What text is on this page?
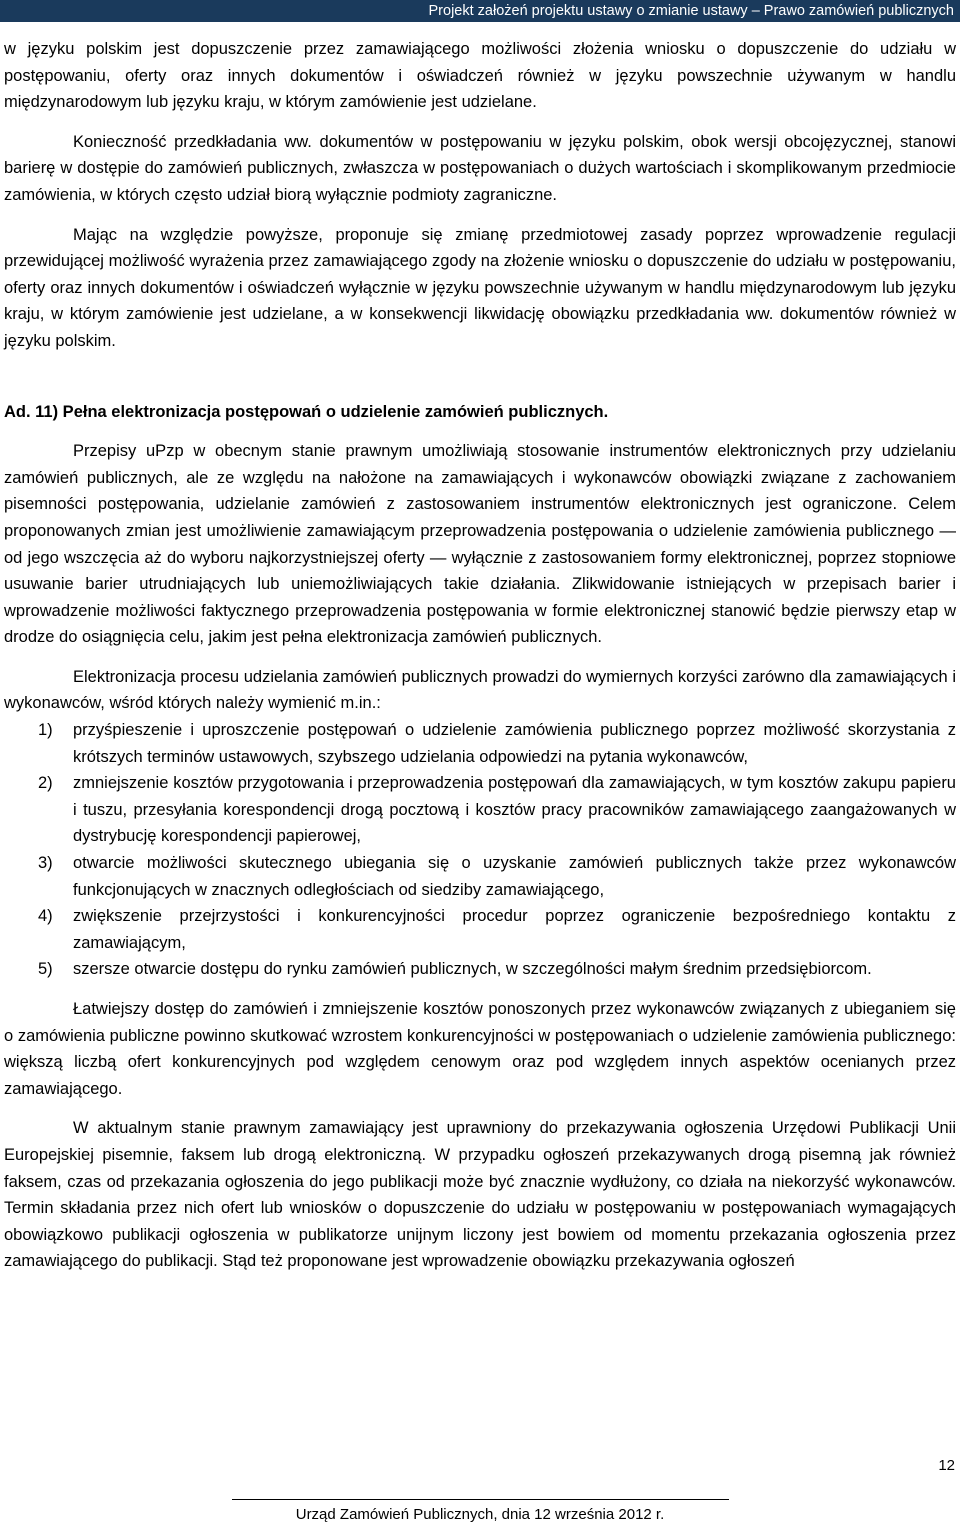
Projekt założeń projektu ustawy o zmianie ustawy – Prawo zamówień publicznych

w języku polskim jest dopuszczenie przez zamawiającego możliwości złożenia wniosku o dopuszczenie do udziału w postępowaniu, oferty oraz innych dokumentów i oświadczeń również w języku powszechnie używanym w handlu międzynarodowym lub języku kraju, w którym zamówienie jest udzielane.

Konieczność przedkładania ww. dokumentów w postępowaniu w języku polskim, obok wersji obcojęzycznej, stanowi barierę w dostępie do zamówień publicznych, zwłaszcza w postępowaniach o dużych wartościach i skomplikowanym przedmiocie zamówienia, w których często udział biorą wyłącznie podmioty zagraniczne.

Mając na względzie powyższe, proponuje się zmianę przedmiotowej zasady poprzez wprowadzenie regulacji przewidującej możliwość wyrażenia przez zamawiającego zgody na złożenie wniosku o dopuszczenie do udziału w postępowaniu, oferty oraz innych dokumentów i oświadczeń wyłącznie w języku powszechnie używanym w handlu międzynarodowym lub języku kraju, w którym zamówienie jest udzielane, a w konsekwencji likwidację obowiązku przedkładania ww. dokumentów również w języku polskim.

Ad. 11) Pełna elektronizacja postępowań o udzielenie zamówień publicznych.

Przepisy uPzp w obecnym stanie prawnym umożliwiają stosowanie instrumentów elektronicznych przy udzielaniu zamówień publicznych, ale ze względu na nałożone na zamawiających i wykonawców obowiązki związane z zachowaniem pisemności postępowania, udzielanie zamówień z zastosowaniem instrumentów elektronicznych jest ograniczone. Celem proponowanych zmian jest umożliwienie zamawiającym przeprowadzenia postępowania o udzielenie zamówienia publicznego — od jego wszczęcia aż do wyboru najkorzystniejszej oferty — wyłącznie z zastosowaniem formy elektronicznej, poprzez stopniowe usuwanie barier utrudniających lub uniemożliwiających takie działania. Zlikwidowanie istniejących w przepisach barier i wprowadzenie możliwości faktycznego przeprowadzenia postępowania w formie elektronicznej stanowić będzie pierwszy etap w drodze do osiągnięcia celu, jakim jest pełna elektronizacja zamówień publicznych.

Elektronizacja procesu udzielania zamówień publicznych prowadzi do wymiernych korzyści zarówno dla zamawiających i wykonawców, wśród których należy wymienić m.in.:

1) przyśpieszenie i uproszczenie postępowań o udzielenie zamówienia publicznego poprzez możliwość skorzystania z krótszych terminów ustawowych, szybszego udzielania odpowiedzi na pytania wykonawców,
2) zmniejszenie kosztów przygotowania i przeprowadzenia postępowań dla zamawiających, w tym kosztów zakupu papieru i tuszu, przesyłania korespondencji drogą pocztową i kosztów pracy pracowników zamawiającego zaangażowanych w dystrybucję korespondencji papierowej,
3) otwarcie możliwości skutecznego ubiegania się o uzyskanie zamówień publicznych także przez wykonawców funkcjonujących w znacznych odległościach od siedziby zamawiającego,
4) zwiększenie przejrzystości i konkurencyjności procedur poprzez ograniczenie bezpośredniego kontaktu z zamawiającym,
5) szersze otwarcie dostępu do rynku zamówień publicznych, w szczególności małym średnim przedsiębiorcom.

Łatwiejszy dostęp do zamówień i zmniejszenie kosztów ponoszonych przez wykonawców związanych z ubieganiem się o zamówienia publiczne powinno skutkować wzrostem konkurencyjności w postępowaniach o udzielenie zamówienia publicznego: większą liczbą ofert konkurencyjnych pod względem cenowym oraz pod względem innych aspektów ocenianych przez zamawiającego.

W aktualnym stanie prawnym zamawiający jest uprawniony do przekazywania ogłoszenia Urzędowi Publikacji Unii Europejskiej pisemnie, faksem lub drogą elektroniczną. W przypadku ogłoszeń przekazywanych drogą pisemną jak również faksem, czas od przekazania ogłoszenia do jego publikacji może być znacznie wydłużony, co działa na niekorzyść wykonawców. Termin składania przez nich ofert lub wniosków o dopuszczenie do udziału w postępowaniu w postępowaniach wymagających obowiązkowo publikacji ogłoszenia w publikatorze unijnym liczony jest bowiem od momentu przekazania ogłoszenia przez zamawiającego do publikacji. Stąd też proponowane jest wprowadzenie obowiązku przekazywania ogłoszeń

12
Urząd Zamówień Publicznych, dnia 12 września 2012 r.
